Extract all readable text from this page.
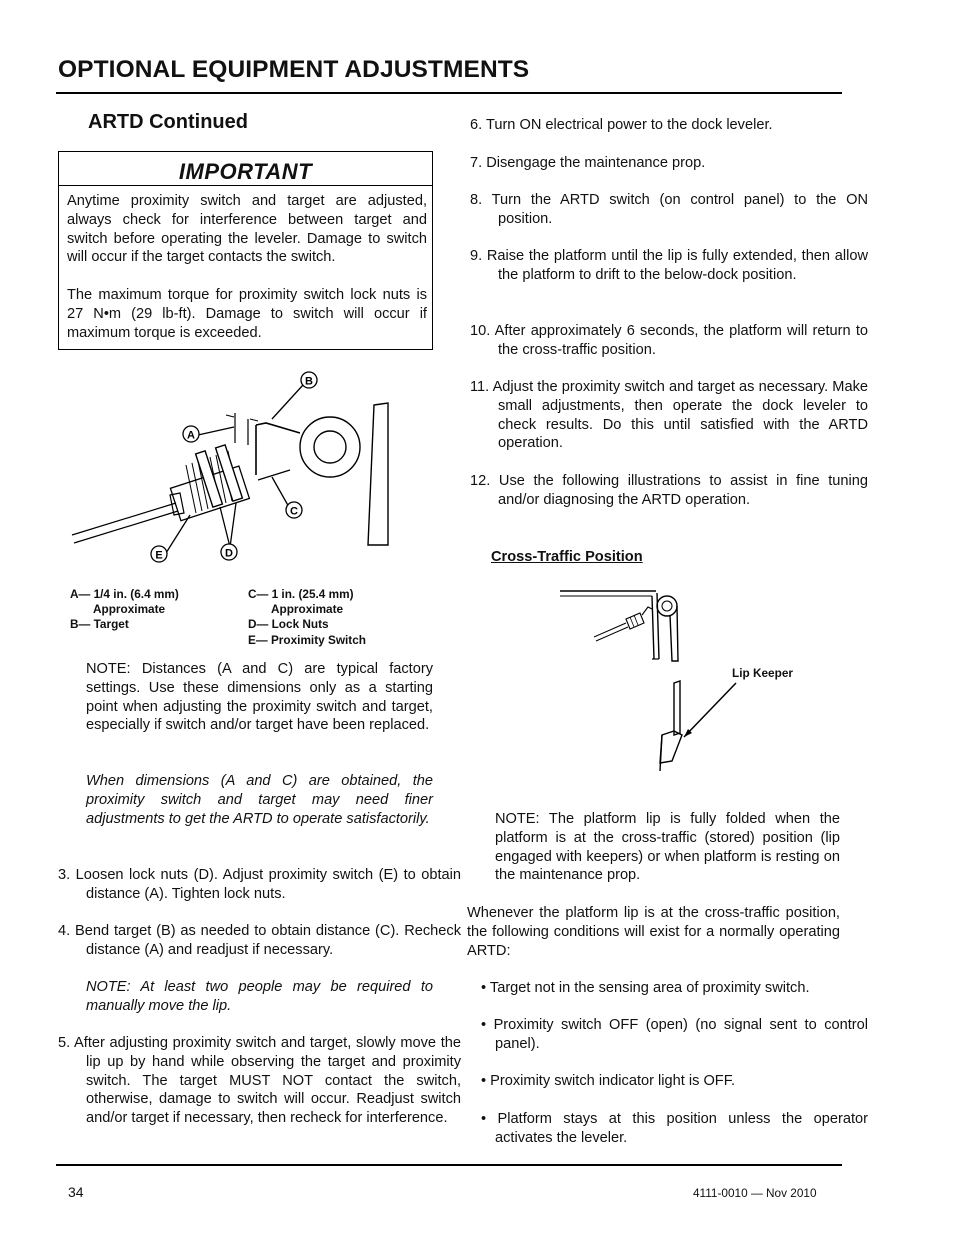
OPTIONAL EQUIPMENT ADJUSTMENTS
ARTD Continued
IMPORTANT
Anytime proximity switch and target are adjusted, always check for interference between target and switch before operating the leveler. Damage to switch will occur if the target contacts the switch.
The maximum torque for proximity switch lock nuts is 27 N•m (29 lb-ft). Damage to switch will occur if maximum torque is exceeded.
B
A
C
E	D
A— 1/4 in. (6.4 mm)
Approximate
B— Target
C— 1 in. (25.4 mm)
Approximate
D— Lock Nuts
E— Proximity Switch
NOTE: Distances (A and C) are typical factory settings. Use these dimensions only as a starting point when adjusting the proximity switch and target, especially if switch and/or target have been replaced.
When dimensions (A and C) are obtained, the proximity switch and target may need finer adjustments to get the ARTD to operate satisfactorily.
3. Loosen lock nuts (D). Adjust proximity switch (E) to obtain distance (A). Tighten lock nuts.
4. Bend target (B) as needed to obtain distance (C). Recheck distance (A) and readjust if necessary.
NOTE: At least two people may be required to manually move the lip.
5. After adjusting proximity switch and target, slowly move the lip up by hand while observing the target and proximity switch. The target MUST NOT contact the switch, otherwise, damage to switch will occur. Readjust switch and/or target if necessary, then recheck for interference.
6. Turn ON electrical power to the dock leveler.
7. Disengage the maintenance prop.
8. Turn the ARTD switch (on control panel) to the ON position.
9. Raise the platform until the lip is fully extended, then allow the platform to drift to the below-dock position.
10. After approximately 6 seconds, the platform will return to the cross-traffic position.
11. Adjust the proximity switch and target as necessary. Make small adjustments, then operate the dock leveler to check results. Do this until satisfied with the ARTD operation.
12. Use the following illustrations to assist in fine tuning and/or diagnosing the ARTD operation.
Cross-Traffic Position
Lip Keeper
NOTE: The platform lip is fully folded when the platform is at the cross-traffic (stored) position (lip engaged with keepers) or when platform is resting on the maintenance prop.
Whenever the platform lip is at the cross-traffic position, the following conditions will exist for a normally operating ARTD:
• Target not in the sensing area of proximity switch.
• Proximity switch OFF (open) (no signal sent to control panel).
• Proximity switch indicator light is OFF.
• Platform stays at this position unless the operator activates the leveler.
34	4111-0010 — Nov 2010
